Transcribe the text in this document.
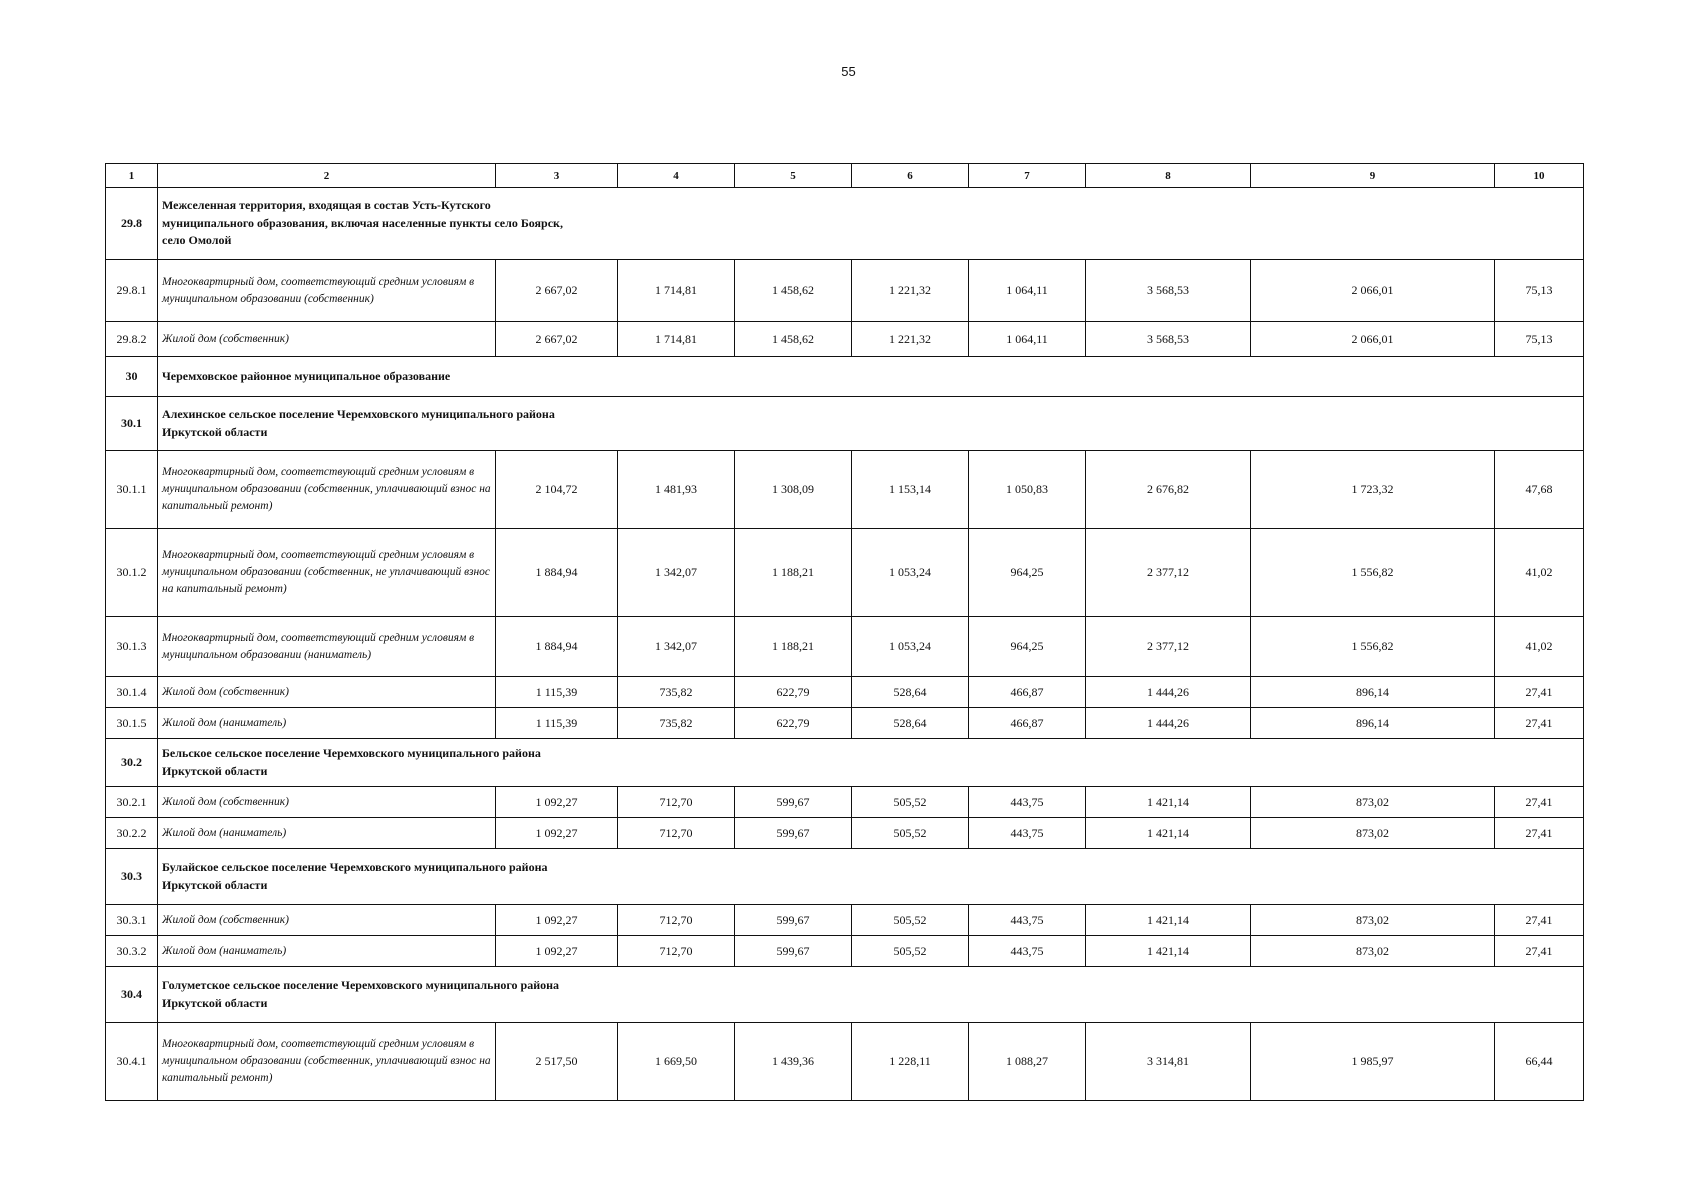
55
1	2	3	4	5	6	7	8	9	10
29.8	Межселенная территория, входящая в состав Усть-Кутского муниципального образования, включая населенные пункты село Боярск, село Омолой								
29.8.1	Многоквартирный дом, соответствующий средним условиям в муниципальном образовании (собственник)	2 667,02	1 714,81	1 458,62	1 221,32	1 064,11	3 568,53	2 066,01	75,13
29.8.2	Жилой дом (собственник)	2 667,02	1 714,81	1 458,62	1 221,32	1 064,11	3 568,53	2 066,01	75,13
30	Черемховское районное муниципальное образование								
30.1	Алехинское сельское поселение Черемховского муниципального района Иркутской области								
30.1.1	Многоквартирный дом, соответствующий средним условиям в муниципальном образовании (собственник, уплачивающий взнос на капитальный ремонт)	2 104,72	1 481,93	1 308,09	1 153,14	1 050,83	2 676,82	1 723,32	47,68
30.1.2	Многоквартирный дом, соответствующий средним условиям в муниципальном образовании (собственник, не уплачивающий взнос на капитальный ремонт)	1 884,94	1 342,07	1 188,21	1 053,24	964,25	2 377,12	1 556,82	41,02
30.1.3	Многоквартирный дом, соответствующий средним условиям в муниципальном образовании (наниматель)	1 884,94	1 342,07	1 188,21	1 053,24	964,25	2 377,12	1 556,82	41,02
30.1.4	Жилой дом (собственник)	1 115,39	735,82	622,79	528,64	466,87	1 444,26	896,14	27,41
30.1.5	Жилой дом (наниматель)	1 115,39	735,82	622,79	528,64	466,87	1 444,26	896,14	27,41
30.2	Бельское сельское поселение Черемховского муниципального района Иркутской области								
30.2.1	Жилой дом (собственник)	1 092,27	712,70	599,67	505,52	443,75	1 421,14	873,02	27,41
30.2.2	Жилой дом (наниматель)	1 092,27	712,70	599,67	505,52	443,75	1 421,14	873,02	27,41
30.3	Булайское сельское поселение Черемховского муниципального района Иркутской области								
30.3.1	Жилой дом (собственник)	1 092,27	712,70	599,67	505,52	443,75	1 421,14	873,02	27,41
30.3.2	Жилой дом (наниматель)	1 092,27	712,70	599,67	505,52	443,75	1 421,14	873,02	27,41
30.4	Голуметское сельское поселение Черемховского муниципального района Иркутской области								
30.4.1	Многоквартирный дом, соответствующий средним условиям в муниципальном образовании (собственник, уплачивающий взнос на капитальный ремонт)	2 517,50	1 669,50	1 439,36	1 228,11	1 088,27	3 314,81	1 985,97	66,44
